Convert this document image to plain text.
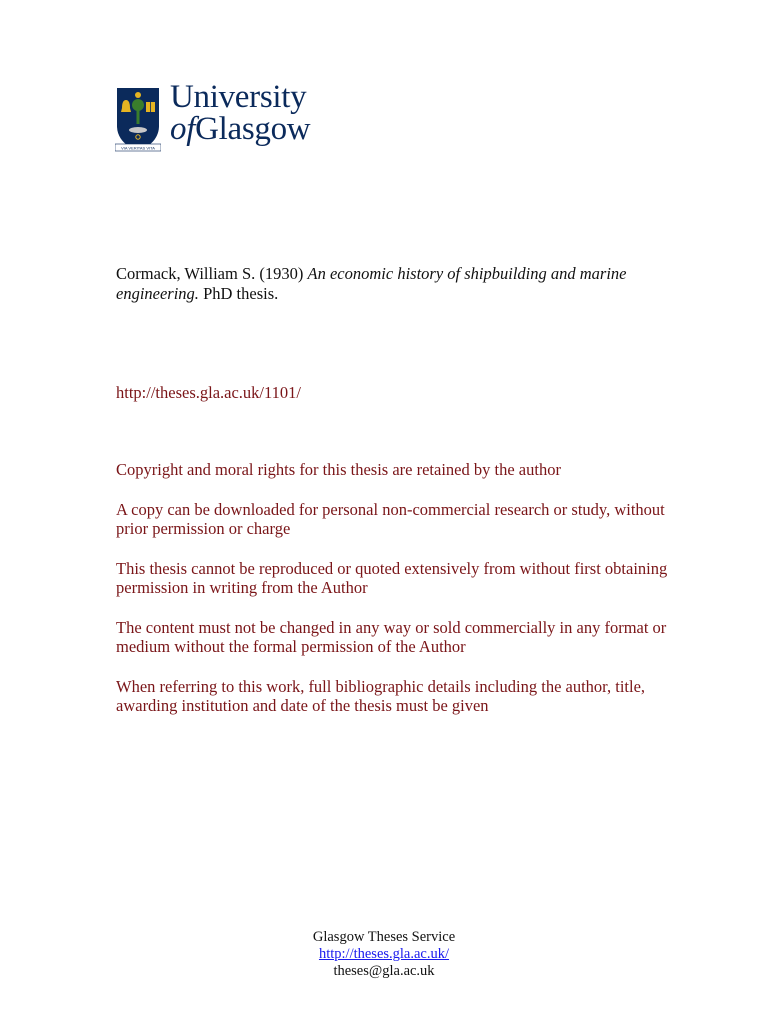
VIA VERITAS VITA
University
ofGlasgow
Cormack, William S. (1930) An economic history of shipbuilding and marine engineering. PhD thesis.
http://theses.gla.ac.uk/1101/

Copyright and moral rights for this thesis are retained by the author

A copy can be downloaded for personal non-commercial research or study, without prior permission or charge

This thesis cannot be reproduced or quoted extensively from without first obtaining permission in writing from the Author

The content must not be changed in any way or sold commercially in any format or medium without the formal permission of the Author

When referring to this work, full bibliographic details including the author, title, awarding institution and date of the thesis must be given

Glasgow Theses Service
http://theses.gla.ac.uk/
theses@gla.ac.uk
